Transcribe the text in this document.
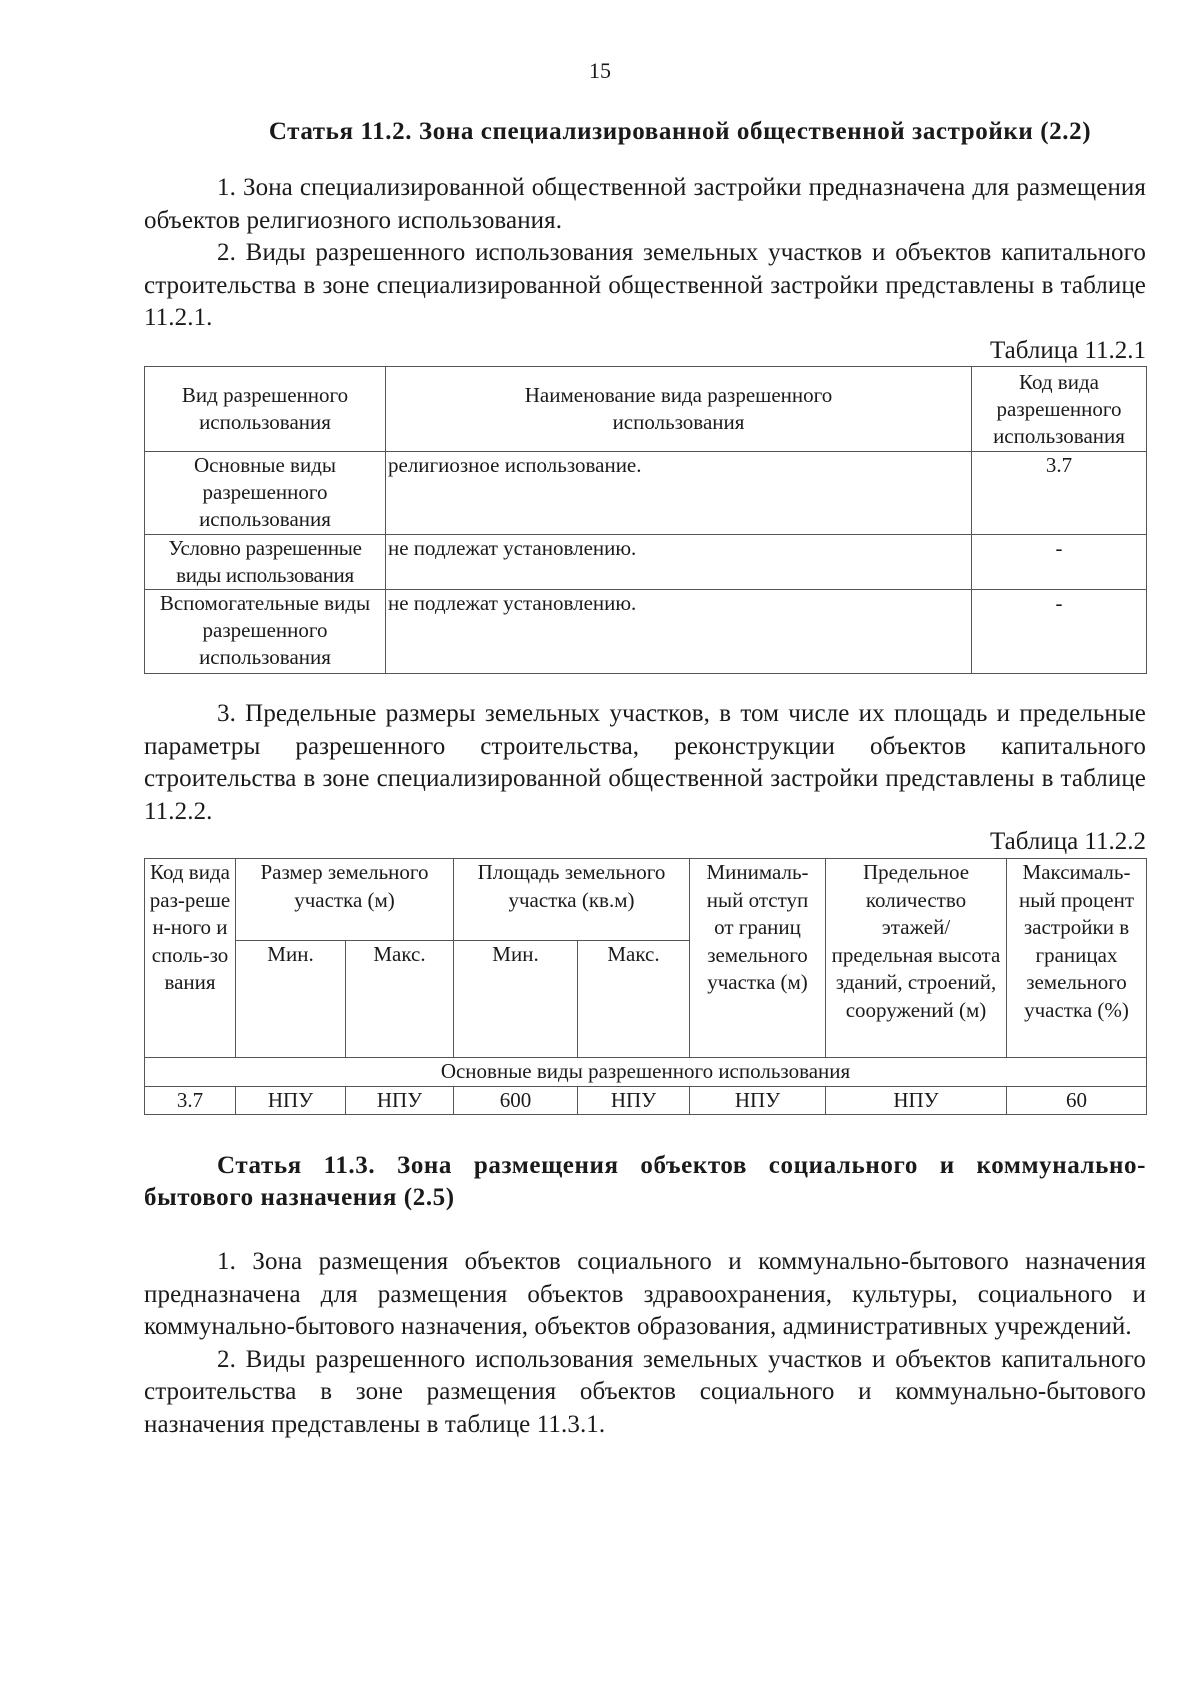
15
Статья 11.2. Зона специализированной общественной застройки (2.2)

1. Зона специализированной общественной застройки предназначена для размещения объектов религиозного использования.

2. Виды разрешенного использования земельных участков и объектов капитального строительства в зоне специализированной общественной застройки представлены в таблице 11.2.1.

Таблица 11.2.1
Вид разрешенного использования	Наименование вида разрешенного использования	Код вида разрешенного использования
Основные виды разрешенного использования	религиозное использование.	3.7
Условно разрешенные виды использования	не подлежат установлению.	-
Вспомогательные виды разрешенного использования	не подлежат установлению.	-

3. Предельные размеры земельных участков, в том числе их площадь и предельные параметры разрешенного строительства, реконструкции объектов капитального строительства в зоне специализированной общественной застройки представлены в таблице 11.2.2.

Таблица 11.2.2
Код вида раз-решен-ного исполь-зования	Размер земельного участка (м)		Площадь земельного участка (кв.м)		Минималь-ный отступ от границ земельного участка (м)	Предельное количество этажей/ предельная высота зданий, строений, сооружений (м)	Максималь-ный процент застройки в границах земельного участка (%)
	Мин.	Макс.	Мин.	Макс.			
Основные виды разрешенного использования							
3.7	НПУ	НПУ	600	НПУ	НПУ	НПУ	60
Статья 11.3. Зона размещения объектов социального и коммунально-бытового назначения (2.5)

1. Зона размещения объектов социального и коммунально-бытового назначения предназначена для размещения объектов здравоохранения, культуры, социального и коммунально-бытового назначения, объектов образования, административных учреждений.

2. Виды разрешенного использования земельных участков и объектов капитального строительства в зоне размещения объектов социального и коммунально-бытового назначения представлены в таблице 11.3.1.
